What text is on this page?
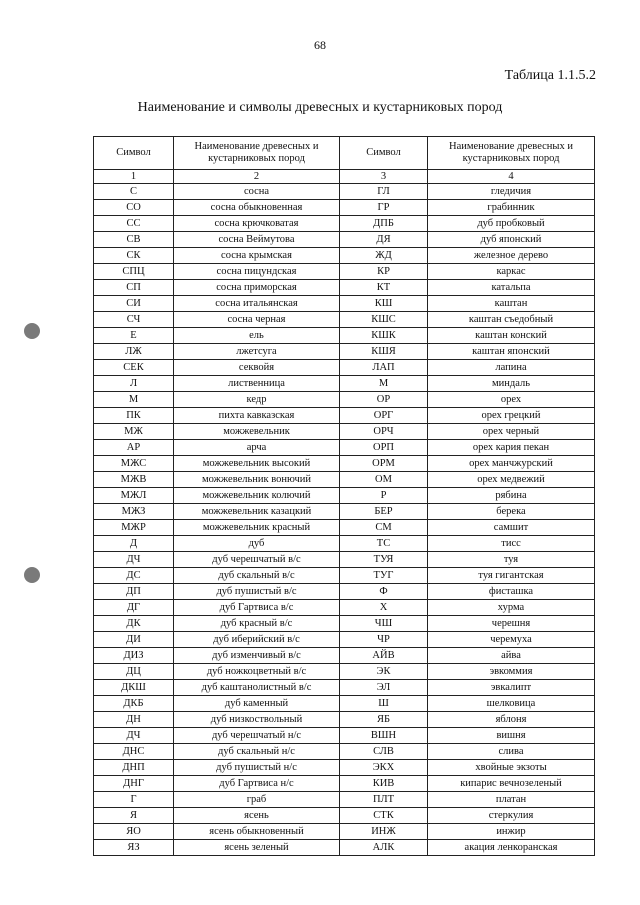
68
Таблица 1.1.5.2
Наименование и символы древесных и кустарниковых пород
Символ	Наименование древесных и кустарниковых пород	Символ	Наименование древесных и кустарниковых пород
1	2	3	4
С	сосна	ГЛ	гледичия
СО	сосна обыкновенная	ГР	грабинник
СС	сосна крючковатая	ДПБ	дуб пробковый
СВ	сосна Веймутова	ДЯ	дуб японский
СК	сосна крымская	ЖД	железное дерево
СПЦ	сосна пицундская	КР	каркас
СП	сосна приморская	КТ	катальпа
СИ	сосна итальянская	КШ	каштан
СЧ	сосна черная	КШС	каштан съедобный
Е	ель	КШК	каштан конский
ЛЖ	лжетсуга	КШЯ	каштан японский
СЕК	секвойя	ЛАП	лапина
Л	лиственница	М	миндаль
М	кедр	ОР	орех
ПК	пихта кавказская	ОРГ	орех грецкий
МЖ	можжевельник	ОРЧ	орех черный
АР	арча	ОРП	орех кария пекан
МЖС	можжевельник высокий	ОРМ	орех манчжурский
МЖВ	можжевельник вонючий	ОМ	орех медвежий
МЖЛ	можжевельник колючий	Р	рябина
МЖЗ	можжевельник казацкий	БЕР	берека
МЖР	можжевельник красный	СМ	самшит
Д	дуб	ТС	тисс
ДЧ	дуб черешчатый в/с	ТУЯ	туя
ДС	дуб скальный в/с	ТУГ	туя гигантская
ДП	дуб пушистый в/с	Ф	фисташка
ДГ	дуб Гартвиса в/с	Х	хурма
ДК	дуб красный в/с	ЧШ	черешня
ДИ	дуб иберийский в/с	ЧР	черемуха
ДИЗ	дуб изменчивый в/с	АЙВ	айва
ДЦ	дуб ножкоцветный в/с	ЭК	эвкоммия
ДКШ	дуб каштанолистный в/с	ЭЛ	эвкалипт
ДКБ	дуб каменный	Ш	шелковица
ДН	дуб низкоствольный	ЯБ	яблоня
ДЧ	дуб черешчатый н/с	ВШН	вишня
ДНС	дуб скальный н/с	СЛВ	слива
ДНП	дуб пушистый н/с	ЭКХ	хвойные экзоты
ДНГ	дуб Гартвиса н/с	КИВ	кипарис вечнозеленый
Г	граб	ПЛТ	платан
Я	ясень	СТК	стеркулия
ЯО	ясень обыкновенный	ИНЖ	инжир
ЯЗ	ясень зеленый	АЛК	акация ленкоранская
